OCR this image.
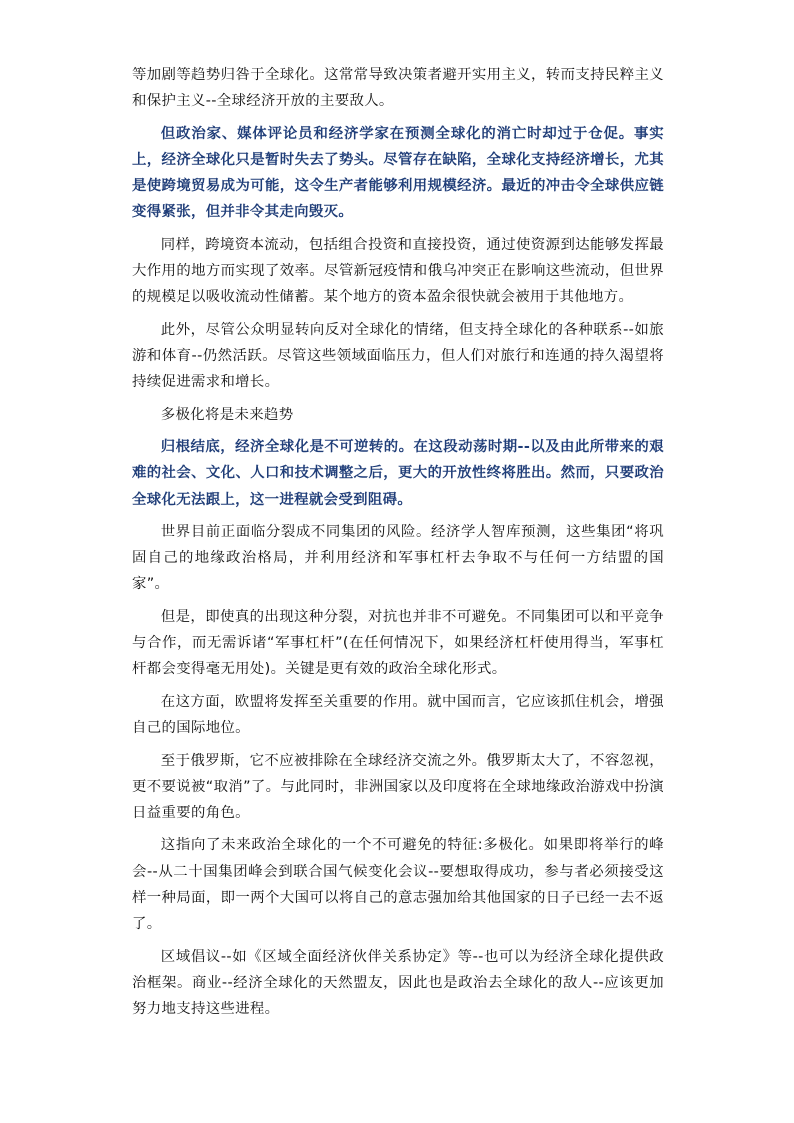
等加剧等趋势归咎于全球化。这常常导致决策者避开实用主义，转而支持民粹主义和保护主义--全球经济开放的主要敌人。

但政治家、媒体评论员和经济学家在预测全球化的消亡时却过于仓促。事实上，经济全球化只是暂时失去了势头。尽管存在缺陷，全球化支持经济增长，尤其是使跨境贸易成为可能，这令生产者能够利用规模经济。最近的冲击令全球供应链变得紧张，但并非令其走向毁灭。

同样，跨境资本流动，包括组合投资和直接投资，通过使资源到达能够发挥最大作用的地方而实现了效率。尽管新冠疫情和俄乌冲突正在影响这些流动，但世界的规模足以吸收流动性储蓄。某个地方的资本盈余很快就会被用于其他地方。

此外，尽管公众明显转向反对全球化的情绪，但支持全球化的各种联系--如旅游和体育--仍然活跃。尽管这些领域面临压力，但人们对旅行和连通的持久渴望将持续促进需求和增长。

多极化将是未来趋势

归根结底，经济全球化是不可逆转的。在这段动荡时期--以及由此所带来的艰难的社会、文化、人口和技术调整之后，更大的开放性终将胜出。然而，只要政治全球化无法跟上，这一进程就会受到阻碍。

世界目前正面临分裂成不同集团的风险。经济学人智库预测，这些集团“将巩固自己的地缘政治格局，并利用经济和军事杠杆去争取不与任何一方结盟的国家”。

但是，即使真的出现这种分裂，对抗也并非不可避免。不同集团可以和平竞争与合作，而无需诉诸“军事杠杆”(在任何情况下，如果经济杠杆使用得当，军事杠杆都会变得毫无用处)。关键是更有效的政治全球化形式。

在这方面，欧盟将发挥至关重要的作用。就中国而言，它应该抓住机会，增强自己的国际地位。

至于俄罗斯，它不应被排除在全球经济交流之外。俄罗斯太大了，不容忽视，更不要说被“取消”了。与此同时，非洲国家以及印度将在全球地缘政治游戏中扮演日益重要的角色。

这指向了未来政治全球化的一个不可避免的特征:多极化。如果即将举行的峰会--从二十国集团峰会到联合国气候变化会议--要想取得成功，参与者必须接受这样一种局面，即一两个大国可以将自己的意志强加给其他国家的日子已经一去不返了。

区域倡议--如《区域全面经济伙伴关系协定》等--也可以为经济全球化提供政治框架。商业--经济全球化的天然盟友，因此也是政治去全球化的敌人--应该更加努力地支持这些进程。
